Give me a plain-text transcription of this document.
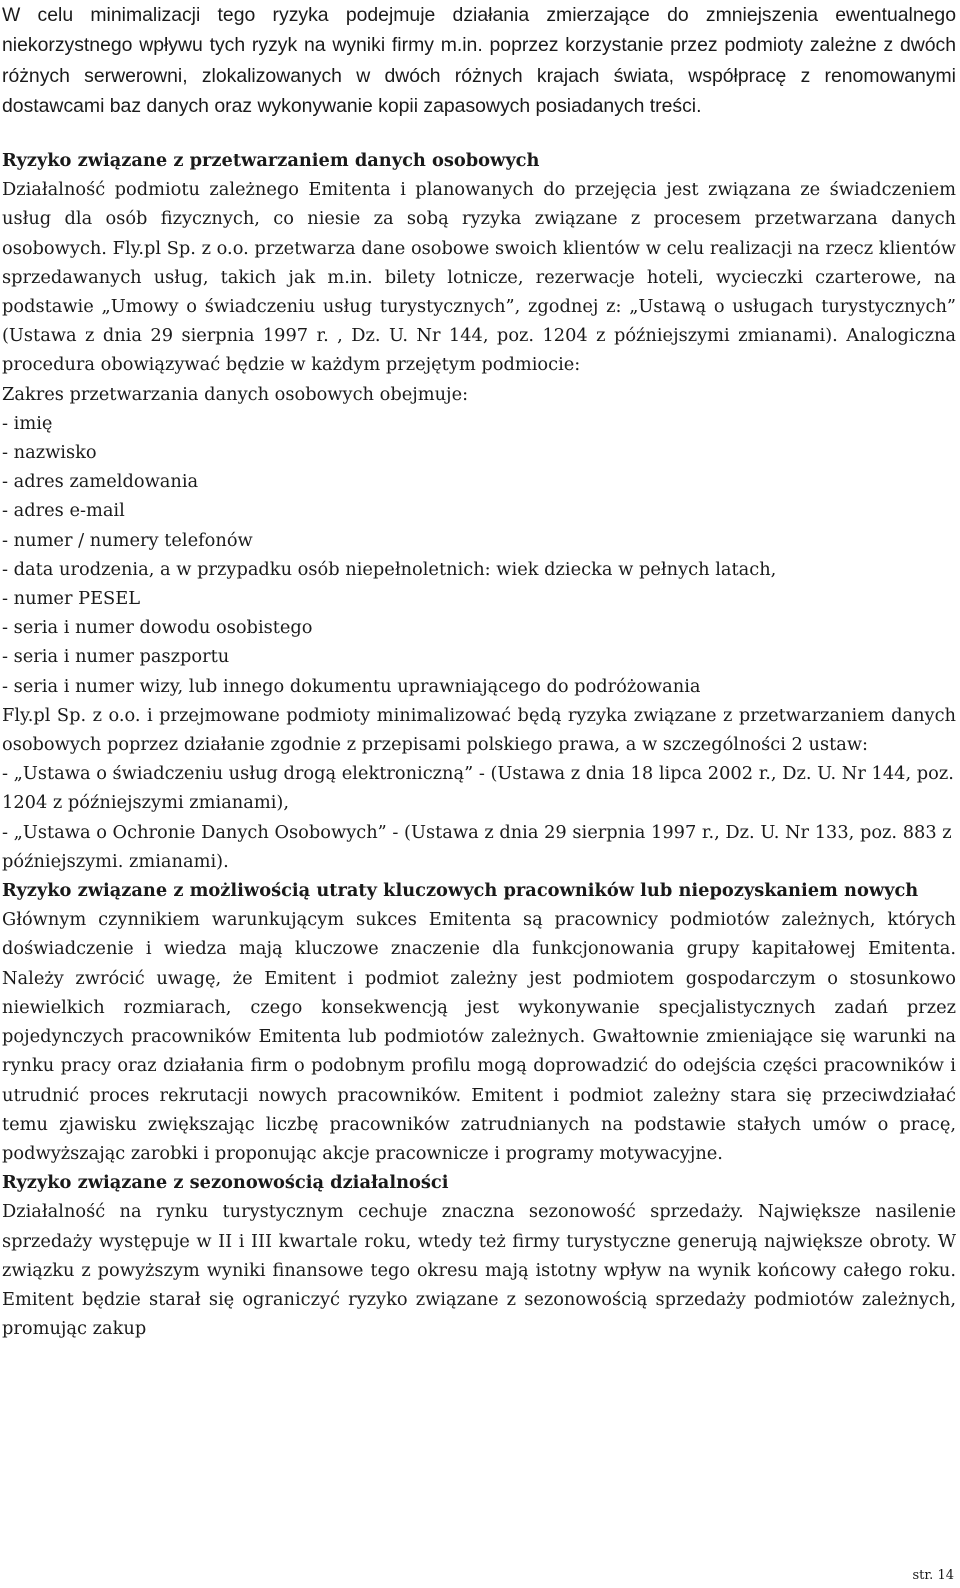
W celu minimalizacji tego ryzyka podejmuje działania zmierzające do zmniejszenia ewentualnego niekorzystnego wpływu tych ryzyk na wyniki firmy m.in. poprzez korzystanie przez podmioty zależne z dwóch różnych serwerowni, zlokalizowanych w dwóch różnych krajach świata, współpracę z renomowanymi dostawcami baz danych oraz wykonywanie kopii zapasowych posiadanych treści.

Ryzyko związane z przetwarzaniem danych osobowych

Działalność podmiotu zależnego Emitenta i planowanych do przejęcia jest związana ze świadczeniem usług dla osób fizycznych, co niesie za sobą ryzyka związane z procesem przetwarzana danych osobowych. Fly.pl Sp. z o.o. przetwarza dane osobowe swoich klientów w celu realizacji na rzecz klientów sprzedawanych usług, takich jak m.in. bilety lotnicze, rezerwacje hoteli, wycieczki czarterowe, na podstawie „Umowy o świadczeniu usług turystycznych”, zgodnej z: „Ustawą o usługach turystycznych” (Ustawa z dnia 29 sierpnia 1997 r. , Dz. U. Nr 144, poz. 1204 z późniejszymi zmianami). Analogiczna procedura obowiązywać będzie w każdym przejętym podmiocie:

Zakres przetwarzania danych osobowych obejmuje:

- imię

- nazwisko

- adres zameldowania

- adres e-mail

- numer / numery telefonów

- data urodzenia, a w przypadku osób niepełnoletnich: wiek dziecka w pełnych latach,

- numer PESEL

- seria i numer dowodu osobistego

- seria i numer paszportu

- seria i numer wizy, lub innego dokumentu uprawniającego do podróżowania

Fly.pl Sp. z o.o. i przejmowane podmioty minimalizować będą ryzyka związane z przetwarzaniem danych osobowych poprzez działanie zgodnie z przepisami polskiego prawa, a w szczególności 2 ustaw:

- „Ustawa o świadczeniu usług drogą elektroniczną” - (Ustawa z dnia 18 lipca 2002 r., Dz. U. Nr 144, poz. 1204 z późniejszymi zmianami),

- „Ustawa o Ochronie Danych Osobowych” - (Ustawa z dnia 29 sierpnia 1997 r., Dz. U. Nr 133, poz. 883 z późniejszymi. zmianami).

Ryzyko związane z możliwością utraty kluczowych pracowników lub niepozyskaniem nowych

Głównym czynnikiem warunkującym sukces Emitenta są pracownicy podmiotów zależnych, których doświadczenie i wiedza mają kluczowe znaczenie dla funkcjonowania grupy kapitałowej Emitenta. Należy zwrócić uwagę, że Emitent i podmiot zależny jest podmiotem gospodarczym o stosunkowo niewielkich rozmiarach, czego konsekwencją jest wykonywanie specjalistycznych zadań przez pojedynczych pracowników Emitenta lub podmiotów zależnych. Gwałtownie zmieniające się warunki na rynku pracy oraz działania firm o podobnym profilu mogą doprowadzić do odejścia części pracowników i utrudnić proces rekrutacji nowych pracowników. Emitent i podmiot zależny stara się przeciwdziałać temu zjawisku zwiększając liczbę pracowników zatrudnianych na podstawie stałych umów o pracę, podwyższając zarobki i proponując akcje pracownicze i programy motywacyjne.

Ryzyko związane z sezonowością działalności

Działalność na rynku turystycznym cechuje znaczna sezonowość sprzedaży. Największe nasilenie sprzedaży występuje w II i III kwartale roku, wtedy też firmy turystyczne generują największe obroty. W związku z powyższym wyniki finansowe tego okresu mają istotny wpływ na wynik końcowy całego roku. Emitent będzie starał się ograniczyć ryzyko związane z sezonowością sprzedaży podmiotów zależnych, promując zakup

str. 14
